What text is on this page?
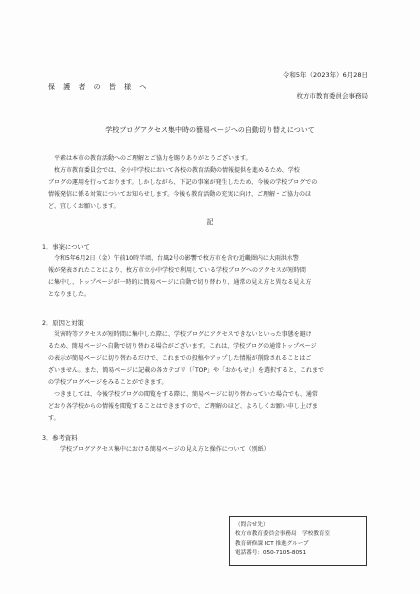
令和5年（2023年）6月28日
保 護 者 の 皆 様 へ
枚方市教育委員会事務局
学校ブログアクセス集中時の簡易ページへの自動切り替えについて

平素は本市の教育活動へのご理解とご協力を賜りありがとうございます。

枚方市教育委員会では、全小中学校において各校の教育活動の情報提供を進めるため、学校

ブログの運用を行っております。しかしながら、下記の事案が発生したため、今後の学校ブログでの

情報発信に係る対策についてお知らせします。今後も教育活動の充実に向け、ご理解・ご協力のほ

ど、宜しくお願いします。

記
1．事案について

令和5年6月2日（金）午前10時半頃、台風2号の影響で枚方市を含む近畿圏内に大雨洪水警

報が発表されたことにより、枚方市立小中学校で利用している学校ブログへのアクセスが短時間

に集中し、トップページが一時的に簡易ページに自動で切り替わり、通常の見え方と異なる見え方

となりました。

2．原因と対策

災害時等アクセスが短時間に集中した際に、学校ブログにアクセスできないといった事態を避け

るため、簡易ページへ自動で切り替わる場合がございます。これは、学校ブログの通常トップページ

の表示が簡易ページに切り替わるだけで、これまでの投稿やアップした情報が削除されることはご

ざいません。また、簡易ページに記載の各カテゴリ（「TOP」や「おかもせ」）を選択すると、これまで

の学校ブログページをみることができます。

つきましては、今後学校ブログの閲覧をする際に、簡易ページに切り替わっていた場合でも、通常

どおり各学校からの情報を閲覧することはできますので、ご理解のほど、よろしくお願い申し上げま

す。

3．参考資料

学校ブログアクセス集中における簡易ページの見え方と操作について（別紙）

（問合せ先）
枚方市教育委員会事務局　学校教育室
教育研修課 ICT 推進グループ
電話番号：050-7105-8051
